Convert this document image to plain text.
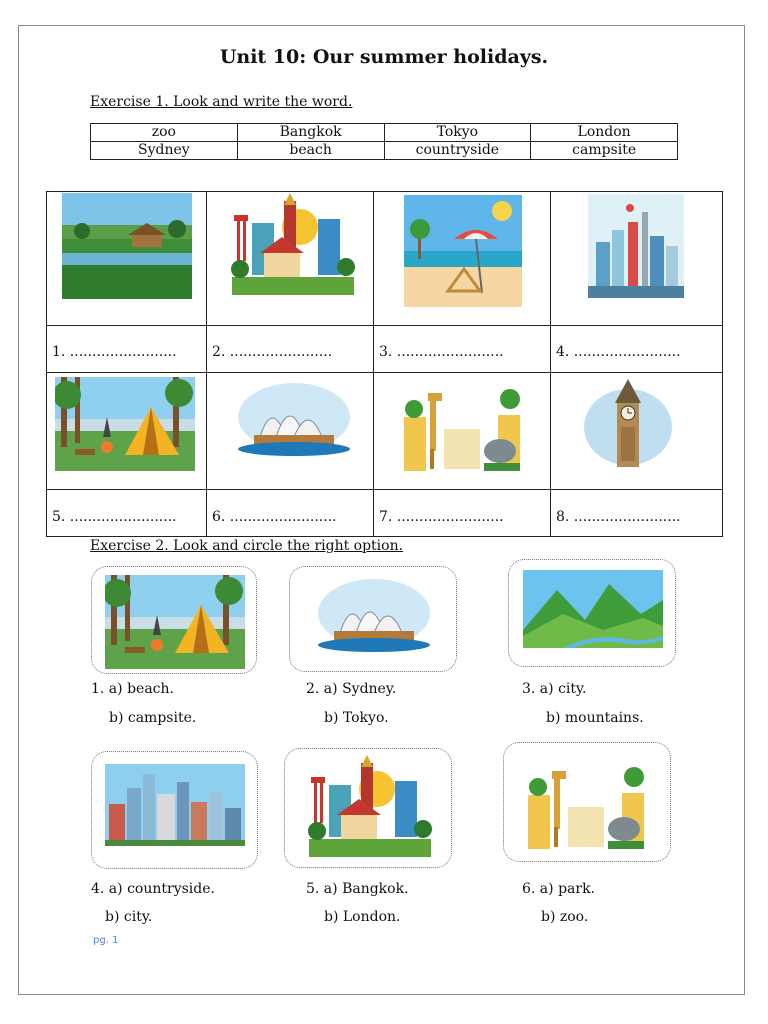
Unit 10: Our summer holidays.
Exercise 1. Look and write the word.
zoo	Bangkok	Tokyo	London
Sydney	beach	countryside	campsite
1. ........................	2. .......................	3. ........................	4. ........................
5. ........................	6. ........................	7. ........................	8. ........................
Exercise 2. Look and circle the right option.
1. a) beach.
b) campsite.
2. a) Sydney.
b) Tokyo.
3. a) city.
b) mountains.
4. a) countryside.
b) city.
5. a) Bangkok.
b) London.
6. a) park.
b) zoo.
pg. 1
